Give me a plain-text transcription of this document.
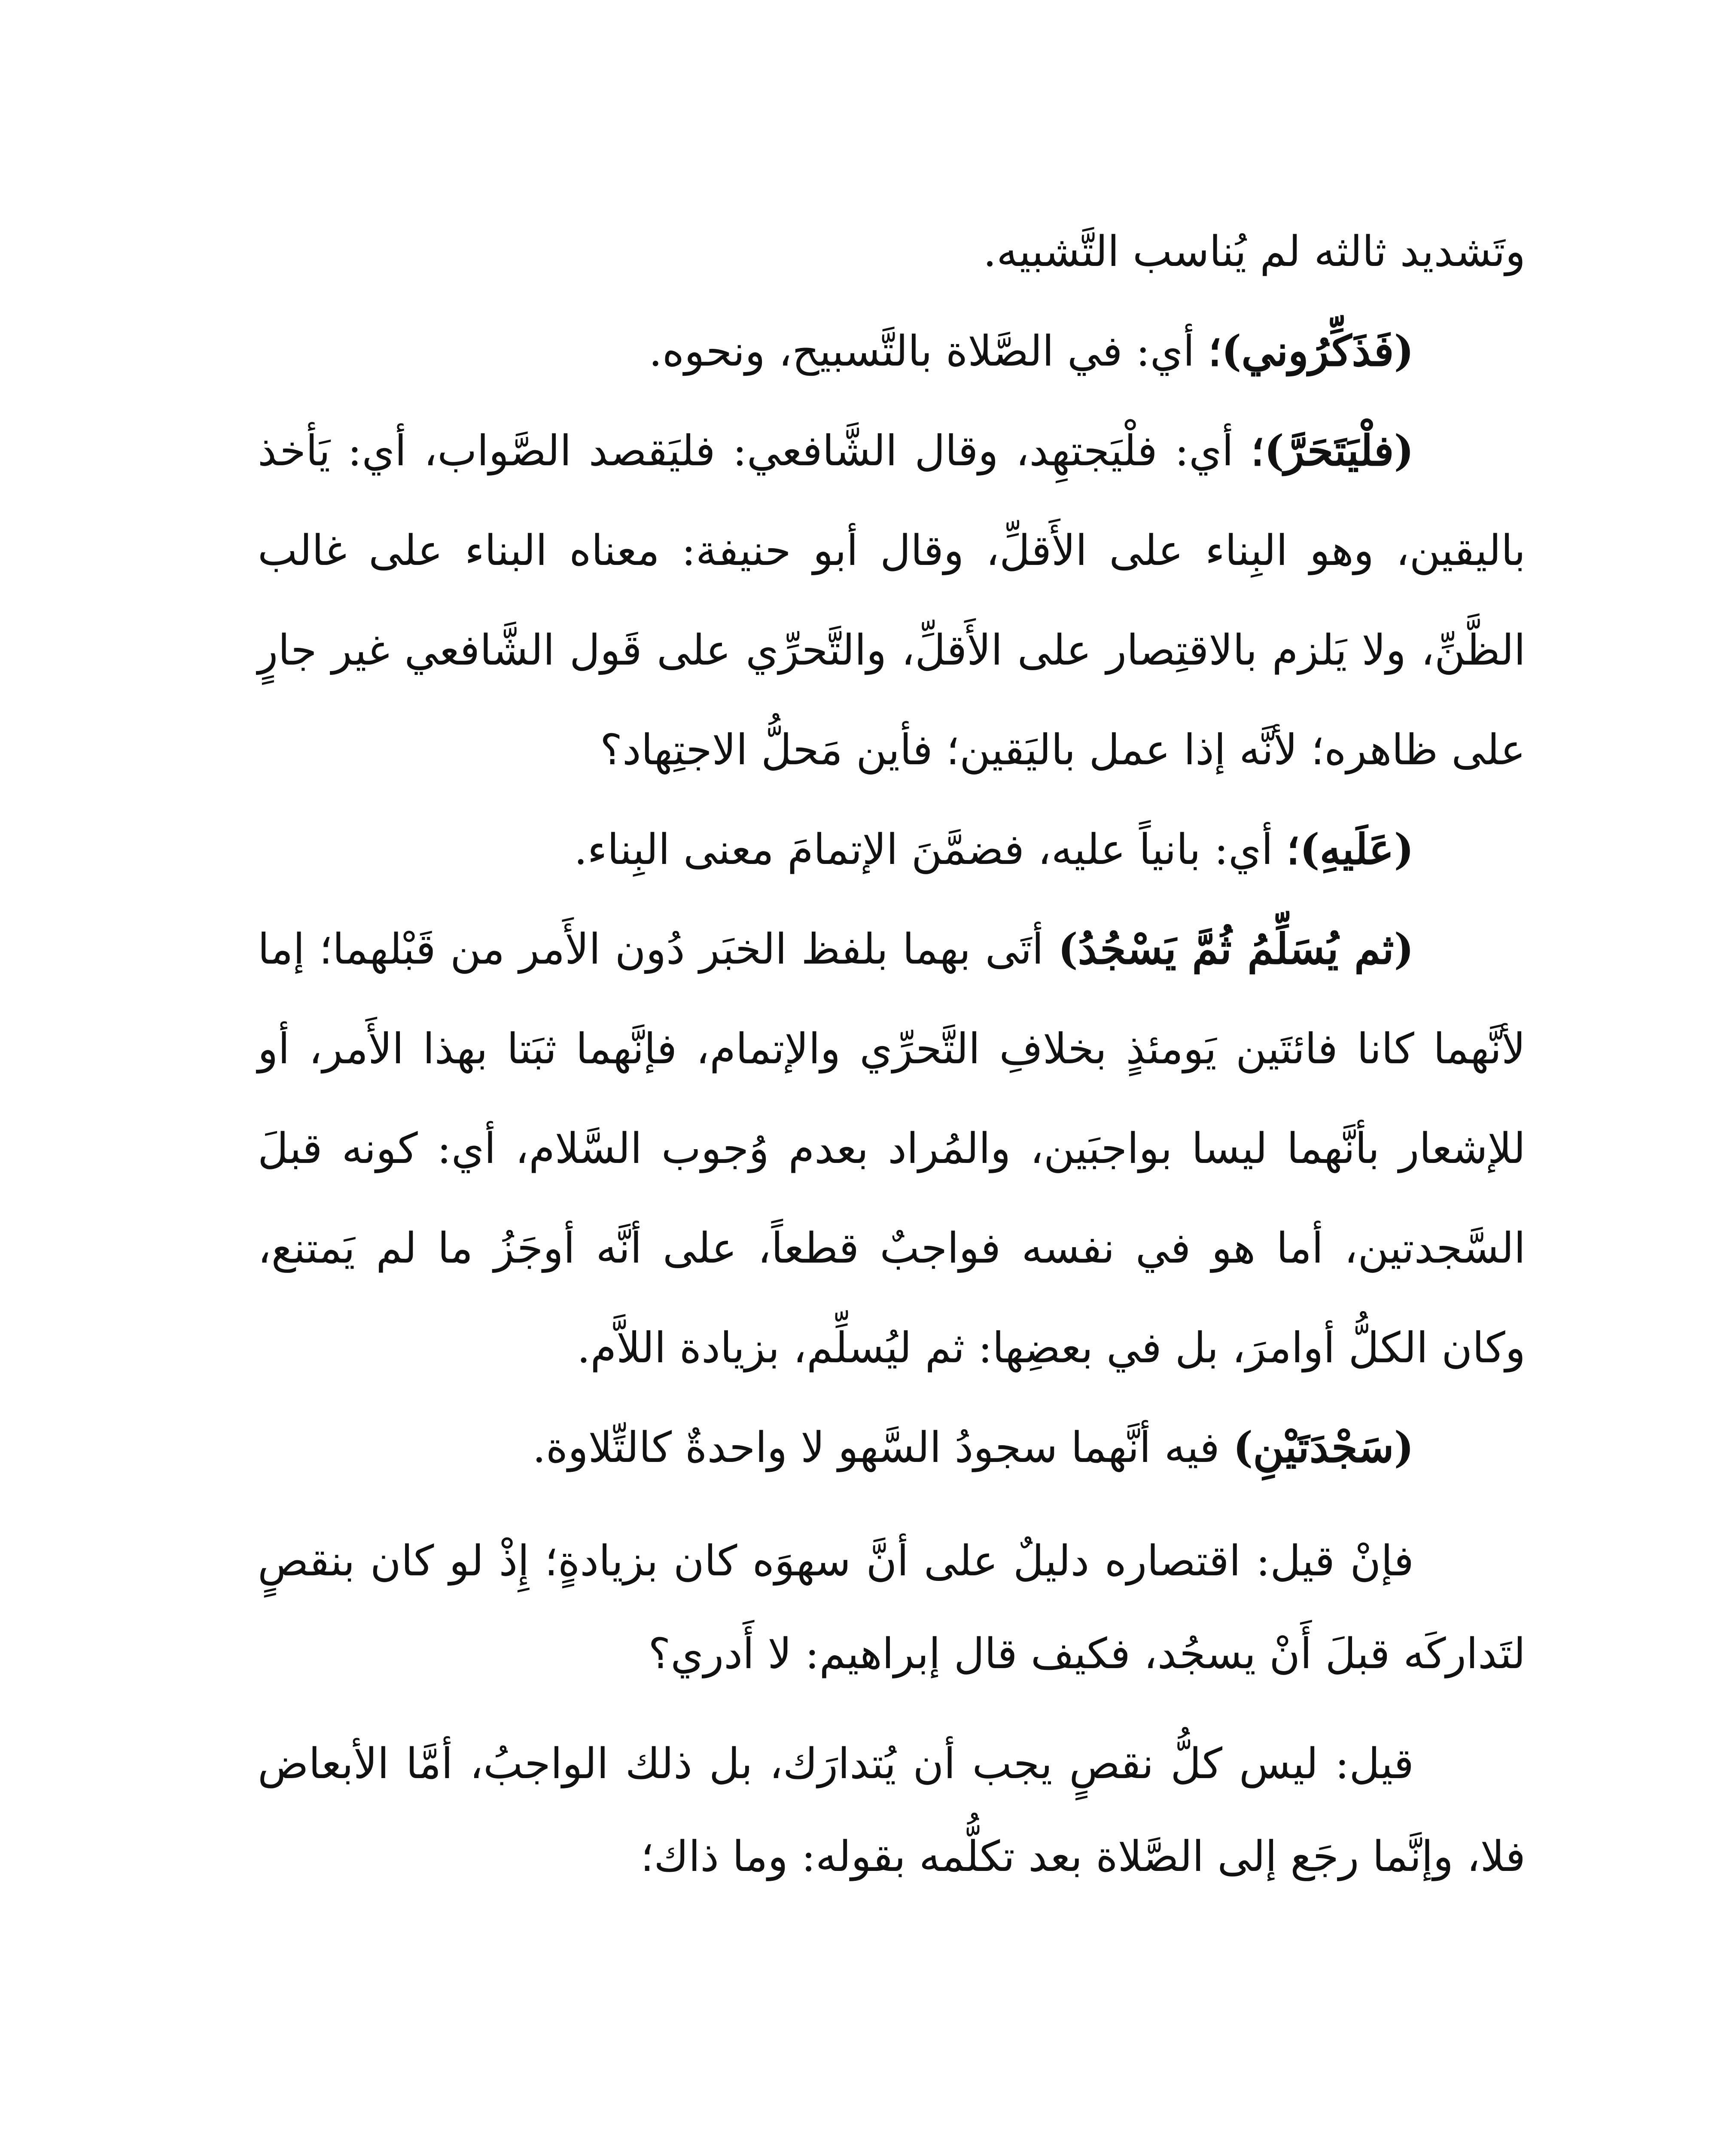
وتَشديد ثالثه لم يُناسب التَّشبيه.

(فَذَكِّرُوني)؛ أي: في الصَّلاة بالتَّسبيح، ونحوه.

(فلْيَتَحَرَّ)؛ أي: فلْيَجتهِد، وقال الشَّافعي: فليَقصد الصَّواب، أي: يَأخذ باليقين، وهو البِناء على الأَقلِّ، وقال أبو حنيفة: معناه البناء على غالب الظَّنِّ، ولا يَلزم بالاقتِصار على الأَقلِّ، والتَّحرِّي على قَول الشَّافعي غير جارٍ على ظاهره؛ لأنَّه إذا عمل باليَقين؛ فأين مَحلُّ الاجتِهاد؟

(عَلَيهِ)؛ أي: بانياً عليه، فضمَّنَ الإتمامَ معنى البِناء.

(ثم يُسَلِّمُ ثُمَّ يَسْجُدُ) أتَى بهما بلفظ الخبَر دُون الأَمر من قَبْلهما؛ إما لأنَّهما كانا فائتَين يَومئذٍ بخلافِ التَّحرِّي والإتمام، فإنَّهما ثبَتا بهذا الأَمر، أو للإشعار بأنَّهما ليسا بواجبَين، والمُراد بعدم وُجوب السَّلام، أي: كونه قبلَ السَّجدتين، أما هو في نفسه فواجبٌ قطعاً، على أنَّه أوجَزُ ما لم يَمتنع، وكان الكلُّ أوامرَ، بل في بعضِها: ثم ليُسلِّم، بزيادة اللاَّم.

(سَجْدَتَيْنِ) فيه أنَّهما سجودُ السَّهو لا واحدةٌ كالتِّلاوة.

فإنْ قيل: اقتصاره دليلٌ على أنَّ سهوَه كان بزيادةٍ؛ إِذْ لو كان بنقصٍ لتَداركَه قبلَ أَنْ يسجُد، فكيف قال إبراهيم: لا أَدري؟

قيل: ليس كلُّ نقصٍ يجب أن يُتدارَك، بل ذلك الواجبُ، أمَّا الأبعاض فلا، وإنَّما رجَع إلى الصَّلاة بعد تكلُّمه بقوله: وما ذاك؛
